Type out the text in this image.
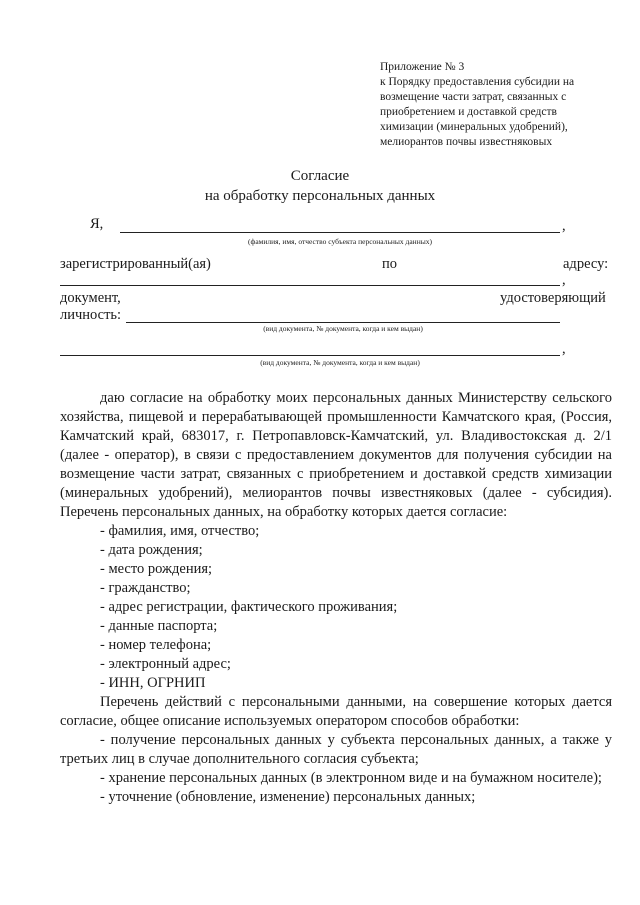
Приложение № 3
к Порядку предоставления субсидии на
возмещение части затрат, связанных с
приобретением и доставкой средств
химизации (минеральных удобрений),
мелиорантов почвы известняковых
Согласие
на обработку персональных данных
Я,	,
(фамилия, имя, отчество субъекта персональных данных)
зарегистрированный(ая)	по	адресу:
,
документ,	удостоверяющий
личность:
(вид документа, № документа, когда и кем выдан)
,
(вид документа, № документа, когда и кем выдан)

даю согласие на обработку моих персональных данных Министерству сельского хозяйства, пищевой и перерабатывающей промышленности Камчатского края, (Россия, Камчатский край, 683017, г. Петропавловск-Камчатский, ул. Владивостокская д. 2/1 (далее - оператор), в связи с предоставлением документов для получения субсидии на возмещение части затрат, связанных с приобретением и доставкой средств химизации (минеральных удобрений), мелиорантов почвы известняковых (далее - субсидия). Перечень персональных данных, на обработку которых дается согласие:

- фамилия, имя, отчество;
- дата рождения;
- место рождения;
- гражданство;
- адрес регистрации, фактического проживания;
- данные паспорта;
- номер телефона;
- электронный адрес;
- ИНН, ОГРНИП

Перечень действий с персональными данными, на совершение которых дается согласие, общее описание используемых оператором способов обработки:

- получение персональных данных у субъекта персональных данных, а также у третьих лиц в случае дополнительного согласия субъекта;

- хранение персональных данных (в электронном виде и на бумажном носителе);

- уточнение (обновление, изменение) персональных данных;
